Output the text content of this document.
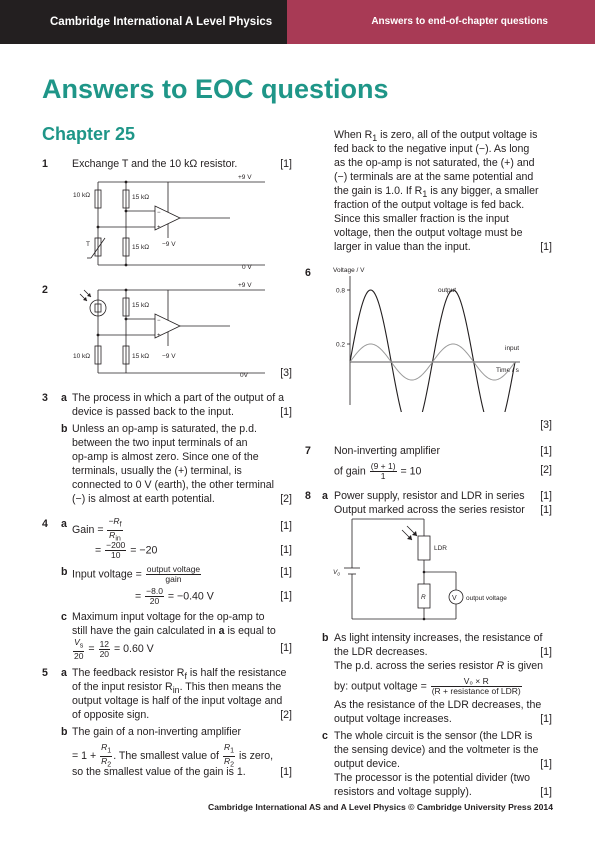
Cambridge International A Level Physics	Answers to end-of-chapter questions
Answers to EOC questions
Chapter 25
1 Exchange T and the 10 kΩ resistor.	[1]
−
+
+9 V
10 kΩ	15 kΩ
T	15 kΩ −9 V
0 V
2
−
+
+9 V
15 kΩ
10 kΩ	15 kΩ −9 V
0V	[3]
3 a The process in which a part of the output of a
device is passed back to the input.	[1]
b Unless an op-amp is saturated, the p.d.
between the two input terminals of an
op-amp is almost zero. Since one of the
terminals, usually the (+) terminal, is
connected to 0 V (earth), the other terminal
(−) is almost at earth potential.	[2]
4 a Gain = $\frac{-R_f}{R_{in}}$	[1]
= $\frac{-200}{10} = -20$	[1]
b Input voltage = $\frac{\text{output voltage}}{\text{gain}}$	[1]
= $\frac{-8.0}{20} = -0.40$ V	[1]
c Maximum input voltage for the op-amp to
still have the gain calculated in a is equal to
$\frac{V_s}{20} = \frac{12}{20} = 0.60$ V	[1]
5 a The feedback resistor $R_f$ is half the resistance
of the input resistor $R_{in}$. This then means the
output voltage is half of the input voltage and
of opposite sign.	[2]
b The gain of a non-inverting amplifier
= $1 + \frac{R_1}{R_2}$ . The smallest value of $\frac{R_1}{R_2}$ is zero,
so the smallest value of the gain is 1.	[1]
When $R_1$ is zero, all of the output voltage is
fed back to the negative input (−). As long
as the op-amp is not saturated, the (+) and
(−) terminals are at the same potential and
the gain is 1.0. If $R_1$ is any bigger, a smaller
fraction of the output voltage is fed back.
Since this smaller fraction is the input
voltage, then the output voltage must be
larger in value than the input.	[1]
6	Voltage / V
Time / s
0.2
0.8	output
input
[3]
7 Non-inverting amplifier	[1]
of gain $\frac{(9 + 1)}{1} = 10$	[2]
8 a Power supply, resistor and LDR in series	[1]
Output marked across the series resistor	[1]
V
LDR
R
$V_0$
output voltage
b As light intensity increases, the resistance of
the LDR decreases.	[1]
The p.d. across the series resistor R is given
by: output voltage = $\frac{\text{V₀ × R}}{\text{(R + resistance of LDR)}}$
As the resistance of the LDR decreases, the
output voltage increases.	[1]
c The whole circuit is the sensor (the LDR is
the sensing device) and the voltmeter is the
output device.	[1]
The processor is the potential divider (two
resistors and voltage supply).	[1]
Cambridge International AS and A Level Physics © Cambridge University Press 2014
